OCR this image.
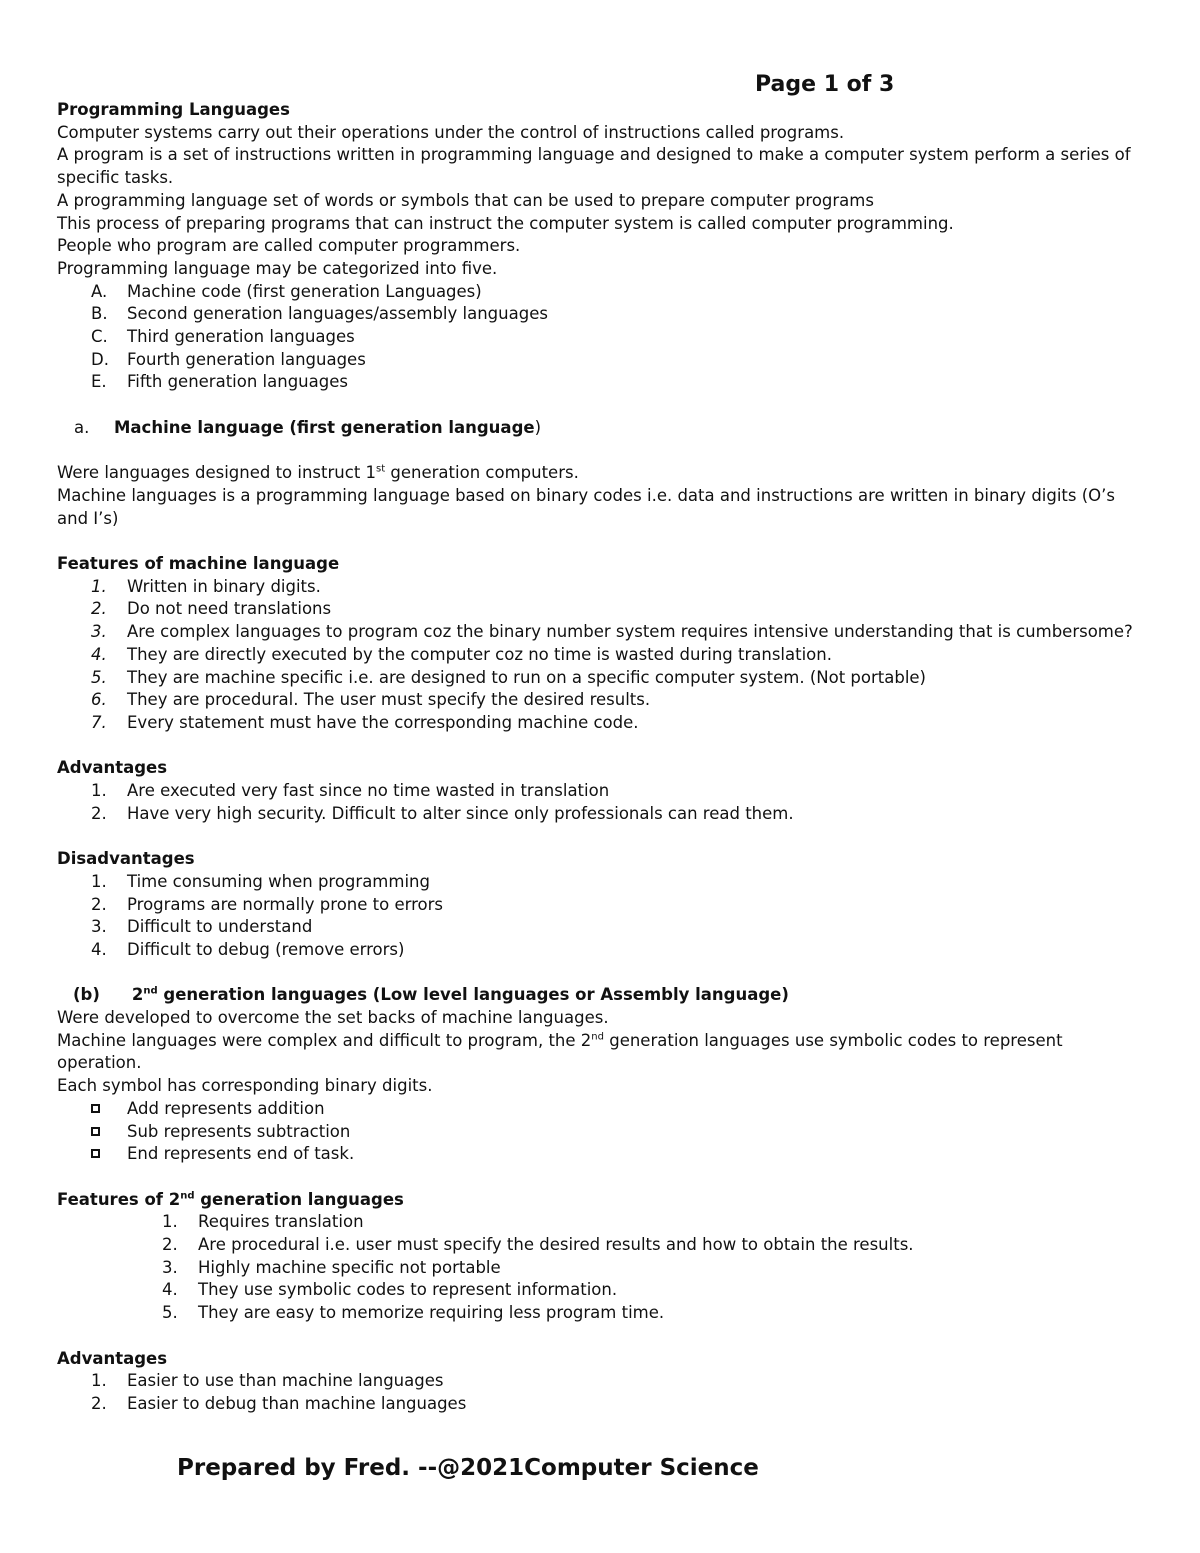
Page 1 of 3
Programming Languages
Computer systems carry out their operations under the control of instructions called programs.
A program is a set of instructions written in programming language and designed to make a computer system perform a series of specific tasks.
A programming language set of words or symbols that can be used to prepare computer programs
This process of preparing programs that can instruct the computer system is called computer programming.
People who program are called computer programmers.
Programming language may be categorized into five.
A.	Machine code (first generation Languages)
B.	Second generation languages/assembly languages
C.	Third generation languages
D.	Fourth generation languages
E.	Fifth generation languages
a. Machine language (first generation language)
Were languages designed to instruct 1st generation computers.
Machine languages is a programming language based on binary codes i.e. data and instructions are written in binary digits (O’s and I’s)
Features of machine language
1.	Written in binary digits.
2.	Do not need translations
3.	Are complex languages to program coz the binary number system requires intensive understanding that is cumbersome?
4.	They are directly executed by the computer coz no time is wasted during translation.
5.	They are machine specific i.e. are designed to run on a specific computer system. (Not portable)
6.	They are procedural. The user must specify the desired results.
7.	Every statement must have the corresponding machine code.
Advantages
1.	Are executed very fast since no time wasted in translation
2.	Have very high security. Difficult to alter since only professionals can read them.
Disadvantages
1.	Time consuming when programming
2.	Programs are normally prone to errors
3.	Difficult to understand
4.	Difficult to debug (remove errors)
(b) 2nd generation languages (Low level languages or Assembly language)
Were developed to overcome the set backs of machine languages.
Machine languages were complex and difficult to program, the 2nd generation languages use symbolic codes to represent operation.
Each symbol has corresponding binary digits.
Add represents addition
Sub represents subtraction
End represents end of task.
Features of 2nd generation languages
1.	Requires translation
2.	Are procedural i.e. user must specify the desired results and how to obtain the results.
3.	Highly machine specific not portable
4.	They use symbolic codes to represent information.
5.	They are easy to memorize requiring less program time.
Advantages
1.	Easier to use than machine languages
2.	Easier to debug than machine languages
Prepared by Fred. --@2021Computer Science
